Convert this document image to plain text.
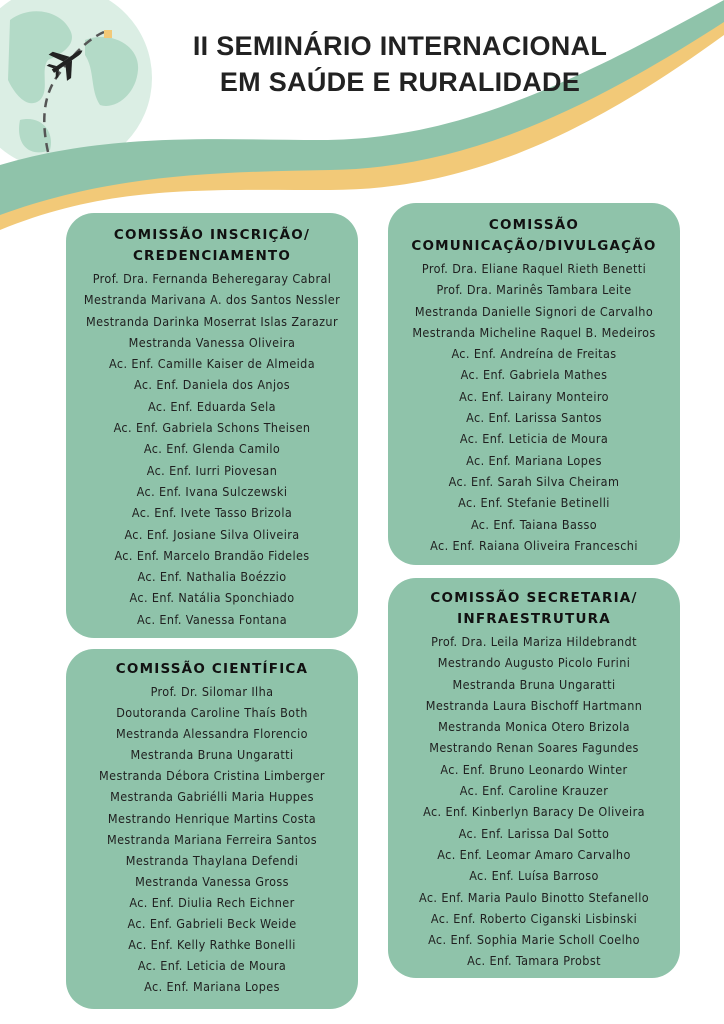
II SEMINÁRIO INTERNACIONAL
EM SAÚDE E RURALIDADE
COMISSÃO INSCRIÇÃO/
CREDENCIAMENTO
Prof. Dra. Fernanda Beheregaray Cabral
Mestranda Marivana A. dos Santos Nessler
Mestranda Darinka Moserrat Islas Zarazur
Mestranda Vanessa Oliveira
Ac. Enf. Camille Kaiser de Almeida
Ac. Enf. Daniela dos Anjos
Ac. Enf. Eduarda Sela
Ac. Enf. Gabriela Schons Theisen
Ac. Enf. Glenda Camilo
Ac. Enf. Iurri Piovesan
Ac. Enf. Ivana Sulczewski
Ac. Enf. Ivete Tasso Brizola
Ac. Enf. Josiane Silva Oliveira
Ac. Enf. Marcelo Brandão Fideles
Ac. Enf. Nathalia Boézzio
Ac. Enf. Natália Sponchiado
Ac. Enf. Vanessa Fontana
COMISSÃO
COMUNICAÇÃO/DIVULGAÇÃO
Prof. Dra. Eliane Raquel Rieth Benetti
Prof. Dra. Marinês Tambara Leite
Mestranda Danielle Signori de Carvalho
Mestranda Micheline Raquel B. Medeiros
Ac. Enf. Andreína de Freitas
Ac. Enf. Gabriela Mathes
Ac. Enf. Lairany Monteiro
Ac. Enf. Larissa Santos
Ac. Enf. Leticia de Moura
Ac. Enf. Mariana Lopes
Ac. Enf. Sarah Silva Cheiram
Ac. Enf. Stefanie Betinelli
Ac. Enf. Taiana Basso
Ac. Enf. Raiana Oliveira Franceschi
COMISSÃO CIENTÍFICA
Prof. Dr. Silomar Ilha
Doutoranda Caroline Thaís Both
Mestranda Alessandra Florencio
Mestranda Bruna Ungaratti
Mestranda Débora Cristina Limberger
Mestranda Gabriélli Maria Huppes
Mestrando Henrique Martins Costa
Mestranda Mariana Ferreira Santos
Mestranda Thaylana Defendi
Mestranda Vanessa Gross
Ac. Enf. Diulia Rech Eichner
Ac. Enf. Gabrieli Beck Weide
Ac. Enf. Kelly Rathke Bonelli
Ac. Enf. Leticia de Moura
Ac. Enf. Mariana Lopes
COMISSÃO SECRETARIA/
INFRAESTRUTURA
Prof. Dra. Leila Mariza Hildebrandt
Mestrando Augusto Picolo Furini
Mestranda Bruna Ungaratti
Mestranda Laura Bischoff Hartmann
Mestranda Monica Otero Brizola
Mestrando Renan Soares Fagundes
Ac. Enf. Bruno Leonardo Winter
Ac. Enf. Caroline Krauzer
Ac. Enf. Kinberlyn Baracy De Oliveira
Ac. Enf. Larissa Dal Sotto
Ac. Enf. Leomar Amaro Carvalho
Ac. Enf. Luísa Barroso
Ac. Enf. Maria Paulo Binotto Stefanello
Ac. Enf. Roberto Ciganski Lisbinski
Ac. Enf. Sophia Marie Scholl Coelho
Ac. Enf. Tamara Probst
